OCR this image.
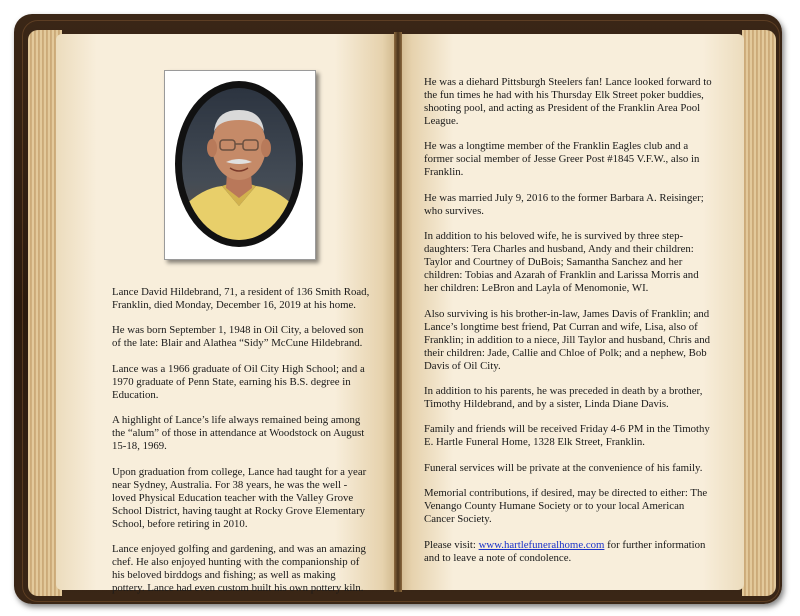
Lance David Hildebrand, 71, a resident of 136 Smith Road, Franklin, died Monday, December 16, 2019 at his home.

He was born September 1, 1948 in Oil City, a beloved son of the late: Blair and Alathea “Sidy” McCune Hildebrand.

Lance was a 1966 graduate of Oil City High School; and a 1970 graduate of Penn State, earning his B.S. degree in Education.

A highlight of Lance’s life always remained being among the “alum” of those in attendance at Woodstock on August 15-18, 1969.

Upon graduation from college, Lance had taught for a year near Sydney, Australia. For 38 years, he was the well -loved Physical Education teacher with the Valley Grove School District, having taught at Rocky Grove Elementary School, before retiring in 2010.

Lance enjoyed golfing and gardening, and was an amazing chef. He also enjoyed hunting with the companionship of his beloved birddogs and fishing; as well as making pottery. Lance had even custom built his own pottery kiln.

He was a diehard Pittsburgh Steelers fan! Lance looked forward to the fun times he had with his Thursday Elk Street poker buddies, shooting pool, and acting as President of the Franklin Area Pool League.

He was a longtime member of the Franklin Eagles club and a former social member of Jesse Greer Post #1845 V.F.W., also in Franklin.

He was married July 9, 2016 to the former Barbara A. Reisinger; who survives.

In addition to his beloved wife, he is survived by three step-daughters: Tera Charles and husband, Andy and their children: Taylor and Courtney of DuBois; Samantha Sanchez and her children: Tobias and Azarah of Franklin and Larissa Morris and her children: LeBron and Layla of Menomonie, WI.

Also surviving is his brother-in-law, James Davis of Franklin; and Lance’s longtime best friend, Pat Curran and wife, Lisa, also of Franklin; in addition to a niece, Jill Taylor and husband, Chris and their children: Jade, Callie and Chloe of Polk; and a nephew, Bob Davis of Oil City.

In addition to his parents, he was preceded in death by a brother, Timothy Hildebrand, and by a sister, Linda Diane Davis.

Family and friends will be received Friday 4-6 PM in the Timothy E. Hartle Funeral Home, 1328 Elk Street, Franklin.

Funeral services will be private at the convenience of his family.

Memorial contributions, if desired, may be directed to either: The Venango County Humane Society or to your local American Cancer Society.

Please visit: www.hartlefuneralhome.com for further information and to leave a note of condolence.
